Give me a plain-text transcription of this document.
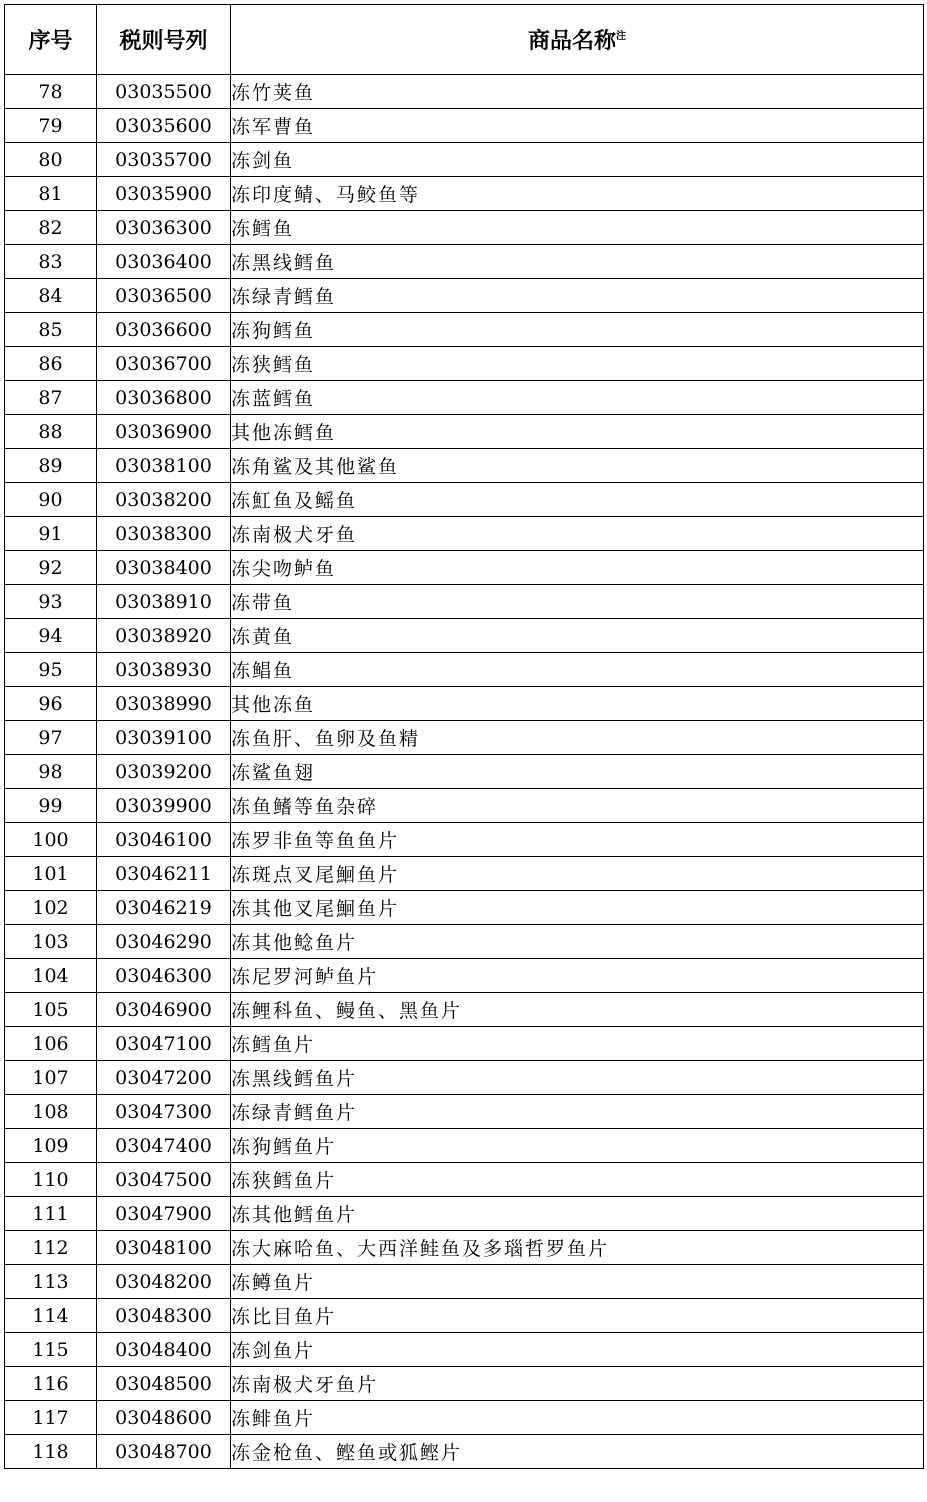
序号	税则号列	商品名称$^注$
78	03035500	冻竹荚鱼
79	03035600	冻军曹鱼
80	03035700	冻剑鱼
81	03035900	冻印度鲭、马鲛鱼等
82	03036300	冻鳕鱼
83	03036400	冻黑线鳕鱼
84	03036500	冻绿青鳕鱼
85	03036600	冻狗鳕鱼
86	03036700	冻狭鳕鱼
87	03036800	冻蓝鳕鱼
88	03036900	其他冻鳕鱼
89	03038100	冻角鲨及其他鲨鱼
90	03038200	冻魟鱼及鳐鱼
91	03038300	冻南极犬牙鱼
92	03038400	冻尖吻鲈鱼
93	03038910	冻带鱼
94	03038920	冻黄鱼
95	03038930	冻鲳鱼
96	03038990	其他冻鱼
97	03039100	冻鱼肝、鱼卵及鱼精
98	03039200	冻鲨鱼翅
99	03039900	冻鱼鳍等鱼杂碎
100	03046100	冻罗非鱼等鱼鱼片
101	03046211	冻斑点叉尾鮰鱼片
102	03046219	冻其他叉尾鮰鱼片
103	03046290	冻其他鲶鱼片
104	03046300	冻尼罗河鲈鱼片
105	03046900	冻鲤科鱼、鳗鱼、黑鱼片
106	03047100	冻鳕鱼片
107	03047200	冻黑线鳕鱼片
108	03047300	冻绿青鳕鱼片
109	03047400	冻狗鳕鱼片
110	03047500	冻狭鳕鱼片
111	03047900	冻其他鳕鱼片
112	03048100	冻大麻哈鱼、大西洋鲑鱼及多瑙哲罗鱼片
113	03048200	冻鳟鱼片
114	03048300	冻比目鱼片
115	03048400	冻剑鱼片
116	03048500	冻南极犬牙鱼片
117	03048600	冻鲱鱼片
118	03048700	冻金枪鱼、鲣鱼或狐鲣片
